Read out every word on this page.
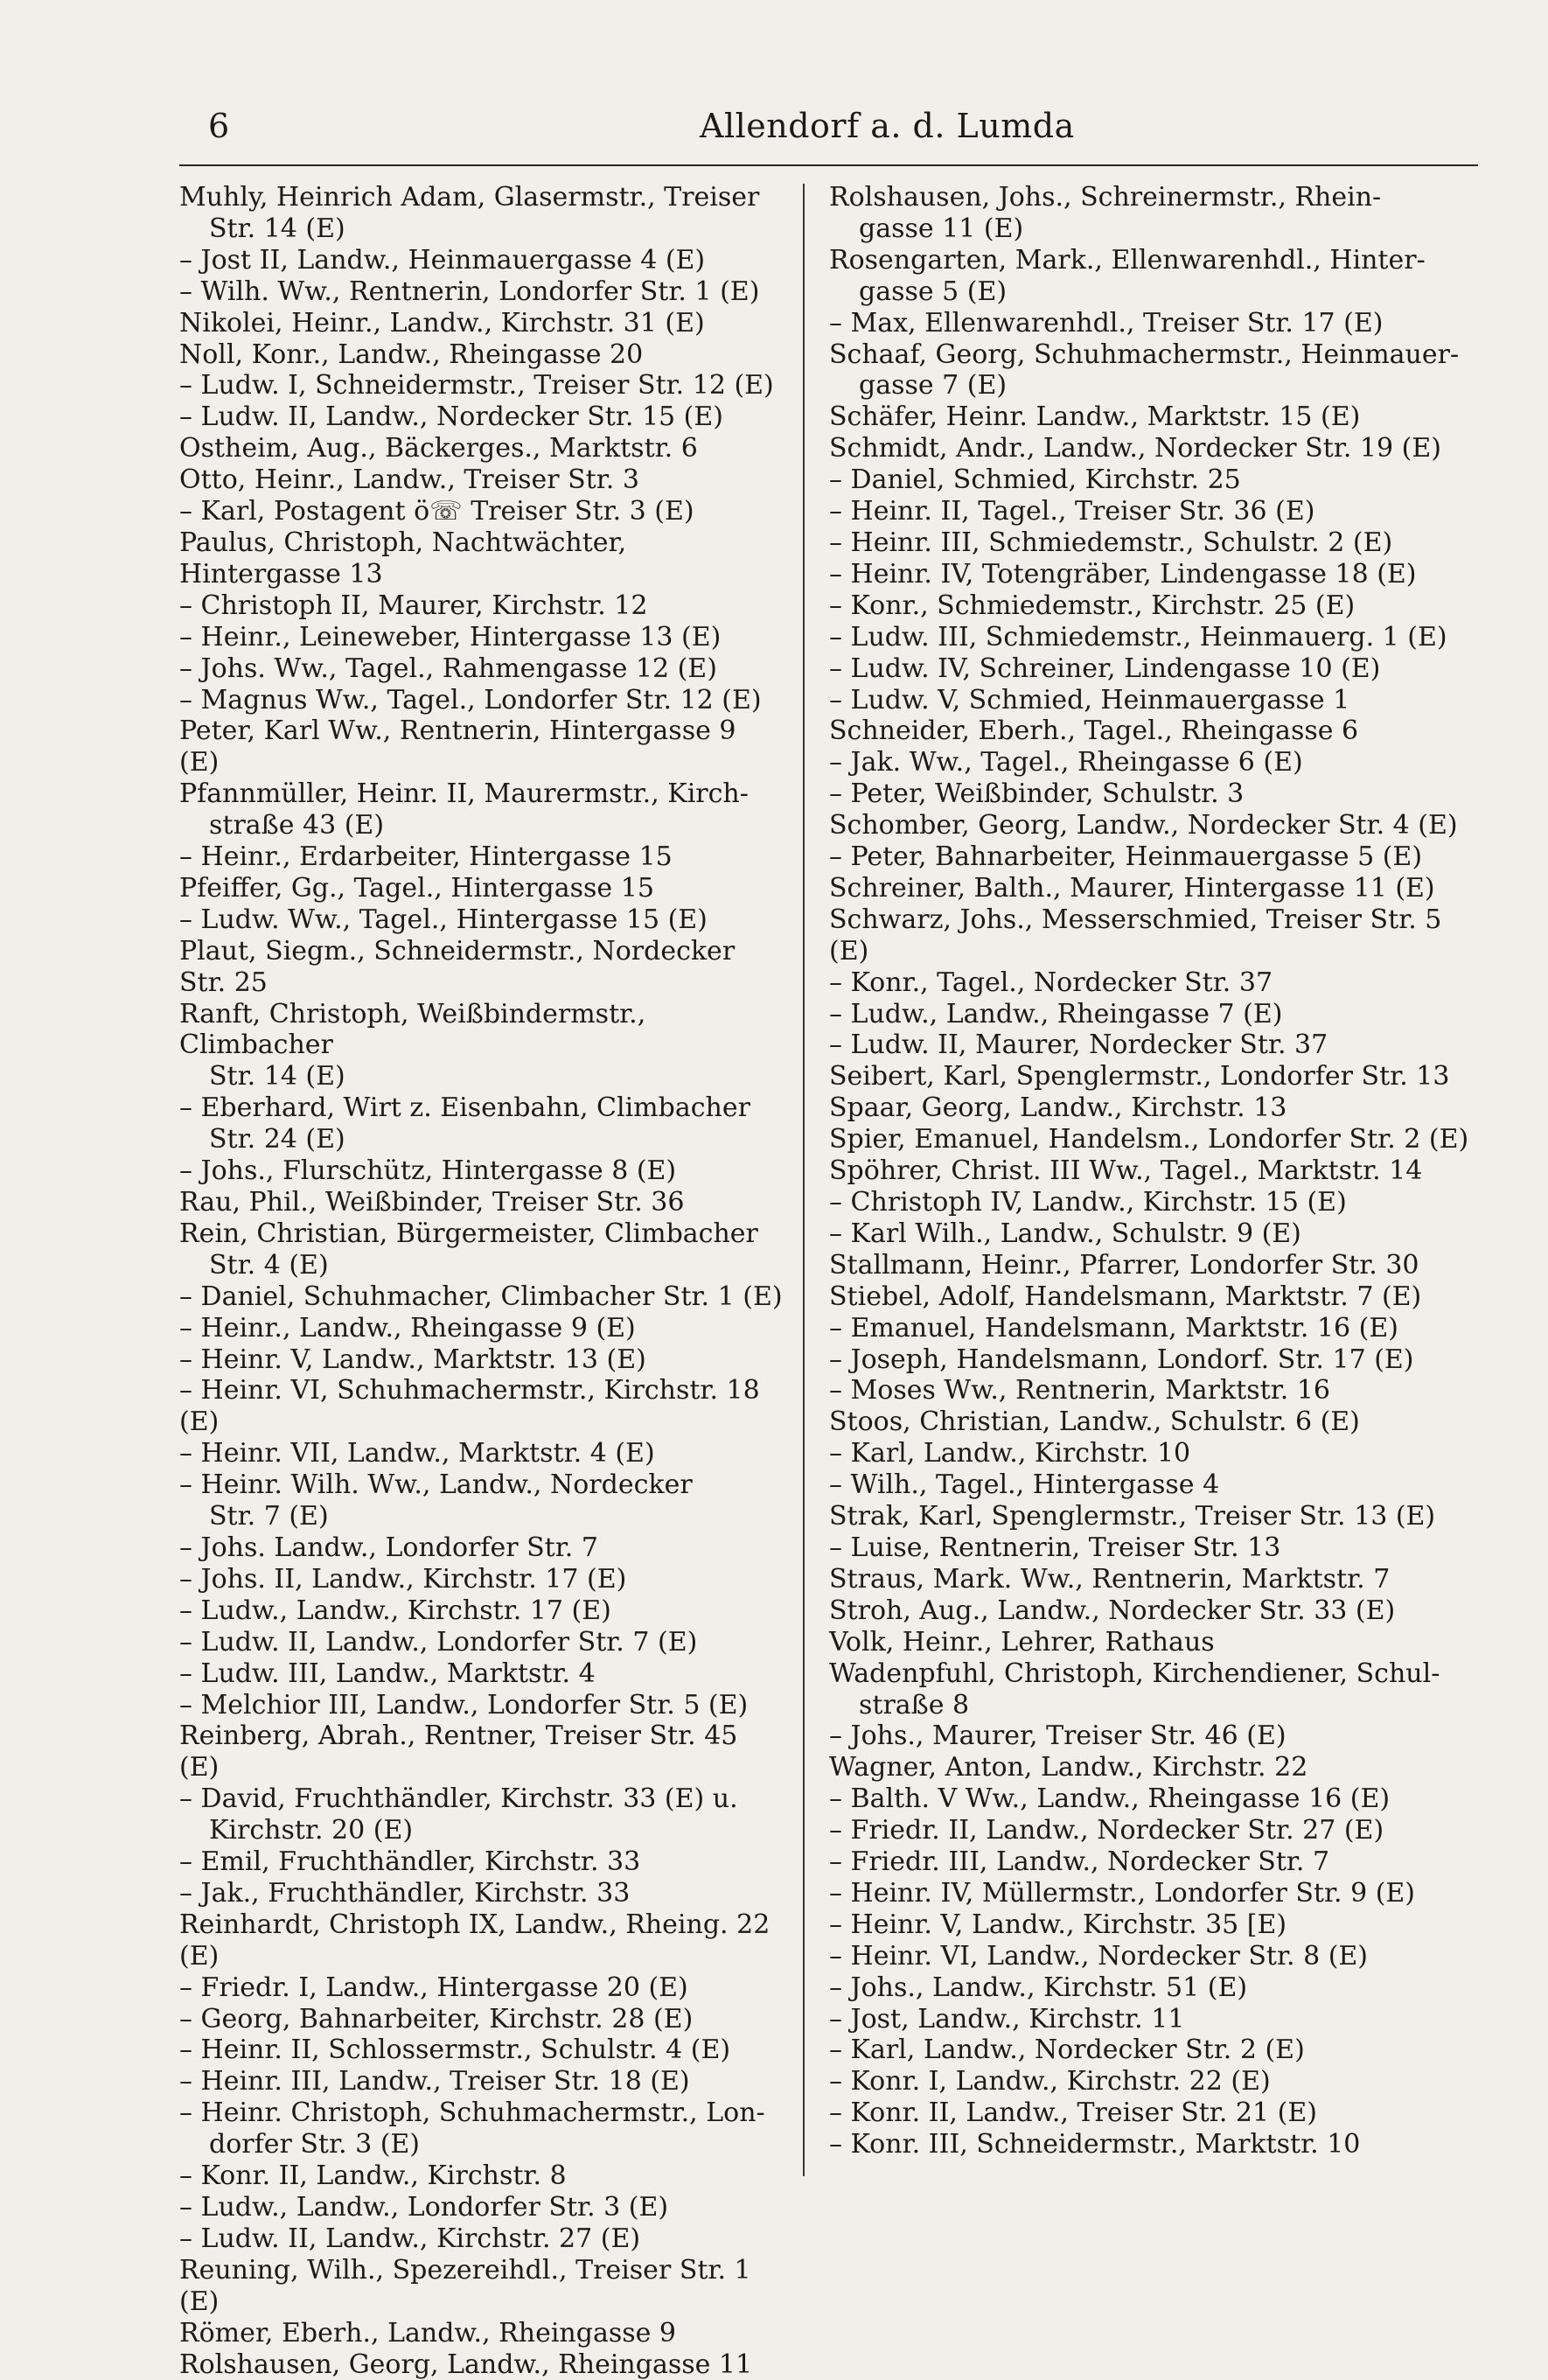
6	Allendorf a. d. Lumda
Muhly, Heinrich Adam, Glasermstr., Treiser
Str. 14 (E)
– Jost II, Landw., Heinmauergasse 4 (E)
– Wilh. Ww., Rentnerin, Londorfer Str. 1 (E)
Nikolei, Heinr., Landw., Kirchstr. 31 (E)
Noll, Konr., Landw., Rheingasse 20
– Ludw. I, Schneidermstr., Treiser Str. 12 (E)
– Ludw. II, Landw., Nordecker Str. 15 (E)
Ostheim, Aug., Bäckerges., Marktstr. 6
Otto, Heinr., Landw., Treiser Str. 3
– Karl, Postagent ö☏ Treiser Str. 3 (E)
Paulus, Christoph, Nachtwächter, Hintergasse 13
– Christoph II, Maurer, Kirchstr. 12
– Heinr., Leineweber, Hintergasse 13 (E)
– Johs. Ww., Tagel., Rahmengasse 12 (E)
– Magnus Ww., Tagel., Londorfer Str. 12 (E)
Peter, Karl Ww., Rentnerin, Hintergasse 9 (E)
Pfannmüller, Heinr. II, Maurermstr., Kirch-
straße 43 (E)
– Heinr., Erdarbeiter, Hintergasse 15
Pfeiffer, Gg., Tagel., Hintergasse 15
– Ludw. Ww., Tagel., Hintergasse 15 (E)
Plaut, Siegm., Schneidermstr., Nordecker Str. 25
Ranft, Christoph, Weißbindermstr., Climbacher
Str. 14 (E)
– Eberhard, Wirt z. Eisenbahn, Climbacher
Str. 24 (E)
– Johs., Flurschütz, Hintergasse 8 (E)
Rau, Phil., Weißbinder, Treiser Str. 36
Rein, Christian, Bürgermeister, Climbacher
Str. 4 (E)
– Daniel, Schuhmacher, Climbacher Str. 1 (E)
– Heinr., Landw., Rheingasse 9 (E)
– Heinr. V, Landw., Marktstr. 13 (E)
– Heinr. VI, Schuhmachermstr., Kirchstr. 18 (E)
– Heinr. VII, Landw., Marktstr. 4 (E)
– Heinr. Wilh. Ww., Landw., Nordecker
Str. 7 (E)
– Johs. Landw., Londorfer Str. 7
– Johs. II, Landw., Kirchstr. 17 (E)
– Ludw., Landw., Kirchstr. 17 (E)
– Ludw. II, Landw., Londorfer Str. 7 (E)
– Ludw. III, Landw., Marktstr. 4
– Melchior III, Landw., Londorfer Str. 5 (E)
Reinberg, Abrah., Rentner, Treiser Str. 45 (E)
– David, Fruchthändler, Kirchstr. 33 (E) u.
Kirchstr. 20 (E)
– Emil, Fruchthändler, Kirchstr. 33
– Jak., Fruchthändler, Kirchstr. 33
Reinhardt, Christoph IX, Landw., Rheing. 22 (E)
– Friedr. I, Landw., Hintergasse 20 (E)
– Georg, Bahnarbeiter, Kirchstr. 28 (E)
– Heinr. II, Schlossermstr., Schulstr. 4 (E)
– Heinr. III, Landw., Treiser Str. 18 (E)
– Heinr. Christoph, Schuhmachermstr., Lon-
dorfer Str. 3 (E)
– Konr. II, Landw., Kirchstr. 8
– Ludw., Landw., Londorfer Str. 3 (E)
– Ludw. II, Landw., Kirchstr. 27 (E)
Reuning, Wilh., Spezereihdl., Treiser Str. 1 (E)
Römer, Eberh., Landw., Rheingasse 9
Rolshausen, Georg, Landw., Rheingasse 11
Rolshausen, Johs., Schreinermstr., Rhein-
gasse 11 (E)
Rosengarten, Mark., Ellenwarenhdl., Hinter-
gasse 5 (E)
– Max, Ellenwarenhdl., Treiser Str. 17 (E)
Schaaf, Georg, Schuhmachermstr., Heinmauer-
gasse 7 (E)
Schäfer, Heinr. Landw., Marktstr. 15 (E)
Schmidt, Andr., Landw., Nordecker Str. 19 (E)
– Daniel, Schmied, Kirchstr. 25
– Heinr. II, Tagel., Treiser Str. 36 (E)
– Heinr. III, Schmiedemstr., Schulstr. 2 (E)
– Heinr. IV, Totengräber, Lindengasse 18 (E)
– Konr., Schmiedemstr., Kirchstr. 25 (E)
– Ludw. III, Schmiedemstr., Heinmauerg. 1 (E)
– Ludw. IV, Schreiner, Lindengasse 10 (E)
– Ludw. V, Schmied, Heinmauergasse 1
Schneider, Eberh., Tagel., Rheingasse 6
– Jak. Ww., Tagel., Rheingasse 6 (E)
– Peter, Weißbinder, Schulstr. 3
Schomber, Georg, Landw., Nordecker Str. 4 (E)
– Peter, Bahnarbeiter, Heinmauergasse 5 (E)
Schreiner, Balth., Maurer, Hintergasse 11 (E)
Schwarz, Johs., Messerschmied, Treiser Str. 5 (E)
– Konr., Tagel., Nordecker Str. 37
– Ludw., Landw., Rheingasse 7 (E)
– Ludw. II, Maurer, Nordecker Str. 37
Seibert, Karl, Spenglermstr., Londorfer Str. 13
Spaar, Georg, Landw., Kirchstr. 13
Spier, Emanuel, Handelsm., Londorfer Str. 2 (E)
Spöhrer, Christ. III Ww., Tagel., Marktstr. 14
– Christoph IV, Landw., Kirchstr. 15 (E)
– Karl Wilh., Landw., Schulstr. 9 (E)
Stallmann, Heinr., Pfarrer, Londorfer Str. 30
Stiebel, Adolf, Handelsmann, Marktstr. 7 (E)
– Emanuel, Handelsmann, Marktstr. 16 (E)
– Joseph, Handelsmann, Londorf. Str. 17 (E)
– Moses Ww., Rentnerin, Marktstr. 16
Stoos, Christian, Landw., Schulstr. 6 (E)
– Karl, Landw., Kirchstr. 10
– Wilh., Tagel., Hintergasse 4
Strak, Karl, Spenglermstr., Treiser Str. 13 (E)
– Luise, Rentnerin, Treiser Str. 13
Straus, Mark. Ww., Rentnerin, Marktstr. 7
Stroh, Aug., Landw., Nordecker Str. 33 (E)
Volk, Heinr., Lehrer, Rathaus
Wadenpfuhl, Christoph, Kirchendiener, Schul-
straße 8
– Johs., Maurer, Treiser Str. 46 (E)
Wagner, Anton, Landw., Kirchstr. 22
– Balth. V Ww., Landw., Rheingasse 16 (E)
– Friedr. II, Landw., Nordecker Str. 27 (E)
– Friedr. III, Landw., Nordecker Str. 7
– Heinr. IV, Müllermstr., Londorfer Str. 9 (E)
– Heinr. V, Landw., Kirchstr. 35 [E)
– Heinr. VI, Landw., Nordecker Str. 8 (E)
– Johs., Landw., Kirchstr. 51 (E)
– Jost, Landw., Kirchstr. 11
– Karl, Landw., Nordecker Str. 2 (E)
– Konr. I, Landw., Kirchstr. 22 (E)
– Konr. II, Landw., Treiser Str. 21 (E)
– Konr. III, Schneidermstr., Marktstr. 10
